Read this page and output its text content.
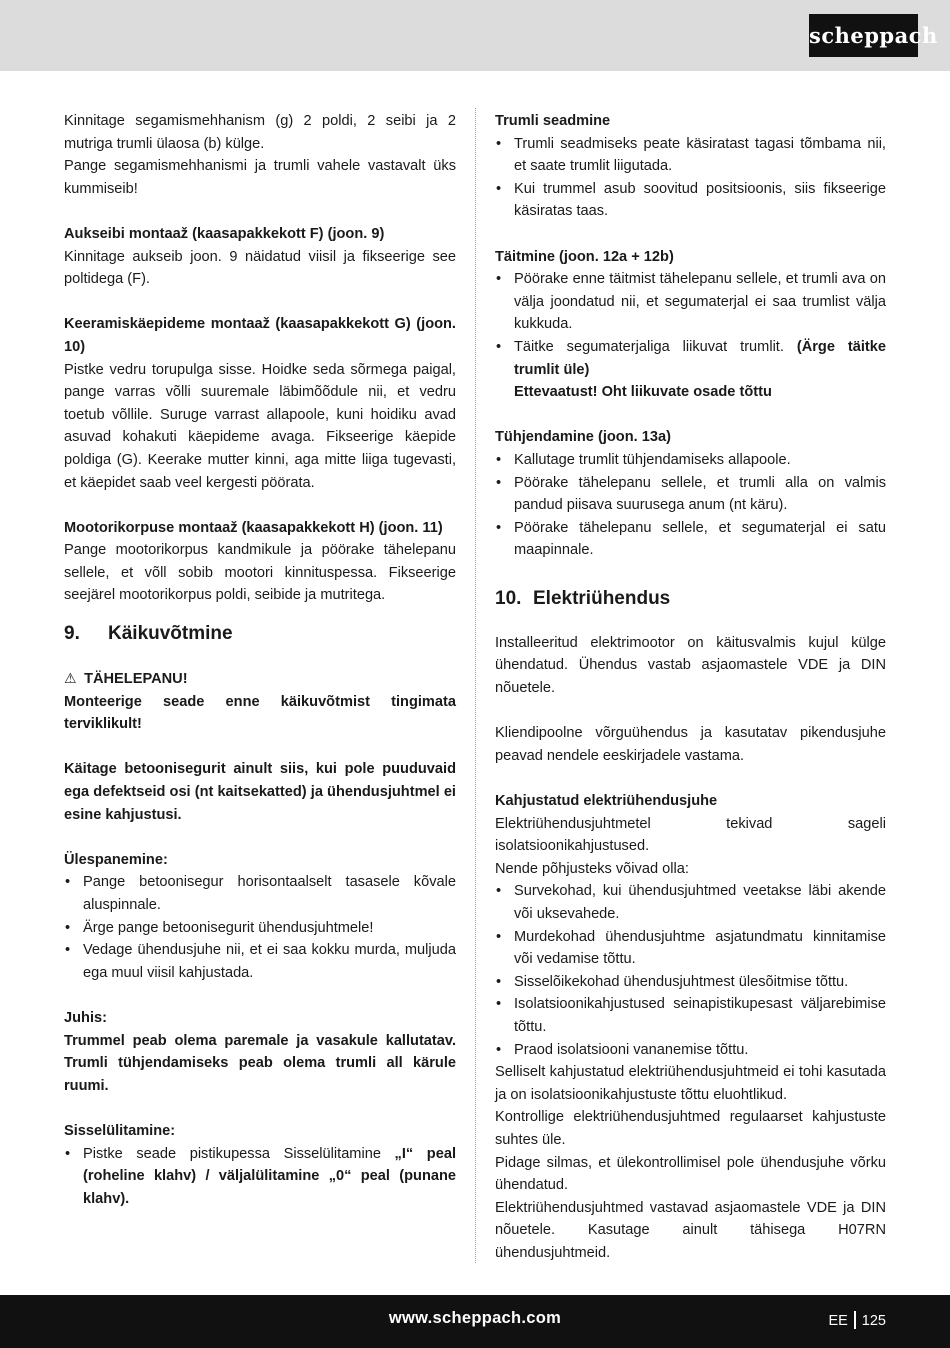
scheppach

Kinnitage segamismehhanism (g) 2 poldi, 2 seibi ja 2 mutriga trumli ülaosa (b) külge.

Pange segamismehhanismi ja trumli vahele vastavalt üks kummiseib!

Aukseibi montaaž (kaasapakkekott F) (joon. 9)

Kinnitage aukseib joon. 9 näidatud viisil ja fikseerige see poltidega (F).

Keeramiskäepideme montaaž (kaasapakkekott G) (joon. 10)

Pistke vedru torupulga sisse. Hoidke seda sõrmega paigal, pange varras võlli suuremale läbimõõdule nii, et vedru toetub võllile. Suruge varrast allapoole, kuni hoidiku avad asuvad kohakuti käepideme avaga. Fikseerige käepide poldiga (G). Keerake mutter kinni, aga mitte liiga tugevasti, et käepidet saab veel kergesti pöörata.

Mootorikorpuse montaaž (kaasapakkekott H) (joon. 11)

Pange mootorikorpus kandmikule ja pöörake tähelepanu sellele, et võll sobib mootori kinnituspessa. Fikseerige seejärel mootorikorpus poldi, seibide ja mutritega.

9. Käikuvõtmine

⚠ TÄHELEPANU!

Monteerige seade enne käikuvõtmist tingimata terviklikult!

Käitage betoonisegurit ainult siis, kui pole puuduvaid ega defektseid osi (nt kaitsekatted) ja ühendusjuhtmel ei esine kahjustusi.

Ülespanemine:

• Pange betoonisegur horisontaalselt tasasele kõvale aluspinnale.
• Ärge pange betoonisegurit ühendusjuhtmele!
• Vedage ühendusjuhe nii, et ei saa kokku murda, muljuda ega muul viisil kahjustada.

Juhis:

Trummel peab olema paremale ja vasakule kallutatav. Trumli tühjendamiseks peab olema trumli all kärule ruumi.

Sisselülitamine:

• Pistke seade pistikupessa Sisselülitamine „I“ peal (roheline klahv) / väljalülitamine „0“ peal (punane klahv).

Trumli seadmine

• Trumli seadmiseks peate käsiratast tagasi tõmbama nii, et saate trumlit liigutada.
• Kui trummel asub soovitud positsioonis, siis fikseerige käsiratas taas.

Täitmine (joon. 12a + 12b)

• Pöörake enne täitmist tähelepanu sellele, et trumli ava on välja joondatud nii, et segumaterjal ei saa trumlist välja kukkuda.
• Täitke segumaterjaliga liikuvat trumlit. (Ärge täitke trumlit üle)
Ettevaatust! Oht liikuvate osade tõttu

Tühjendamine (joon. 13a)

• Kallutage trumlit tühjendamiseks allapoole.
• Pöörake tähelepanu sellele, et trumli alla on valmis pandud piisava suurusega anum (nt käru).
• Pöörake tähelepanu sellele, et segumaterjal ei satu maapinnale.
10. Elektriühendus

Installeeritud elektrimootor on käitusvalmis kujul külge ühendatud. Ühendus vastab asjaomastele VDE ja DIN nõuetele.

Kliendipoolne võrguühendus ja kasutatav pikendusjuhe peavad nendele eeskirjadele vastama.

Kahjustatud elektriühendusjuhe

Elektriühendusjuhtmetel tekivad sageli isolatsioonikahjustused.

Nende põhjusteks võivad olla:

• Survekohad, kui ühendusjuhtmed veetakse läbi akende või uksevahede.
• Murdekohad ühendusjuhtme asjatundmatu kinnitamise või vedamise tõttu.
• Sisselõikekohad ühendusjuhtmest ülesõitmise tõttu.
• Isolatsioonikahjustused seinapistikupesast väljarebimise tõttu.
• Praod isolatsiooni vananemise tõttu.

Selliselt kahjustatud elektriühendusjuhtmeid ei tohi kasutada ja on isolatsioonikahjustuste tõttu eluohtlikud.

Kontrollige elektriühendusjuhtmed regulaarset kahjustuste suhtes üle.

Pidage silmas, et ülekontrollimisel pole ühendusjuhe võrku ühendatud.

Elektriühendusjuhtmed vastavad asjaomastele VDE ja DIN nõuetele. Kasutage ainult tähisega H07RN ühendusjuhtmeid.

www.scheppach.com	EE 125
